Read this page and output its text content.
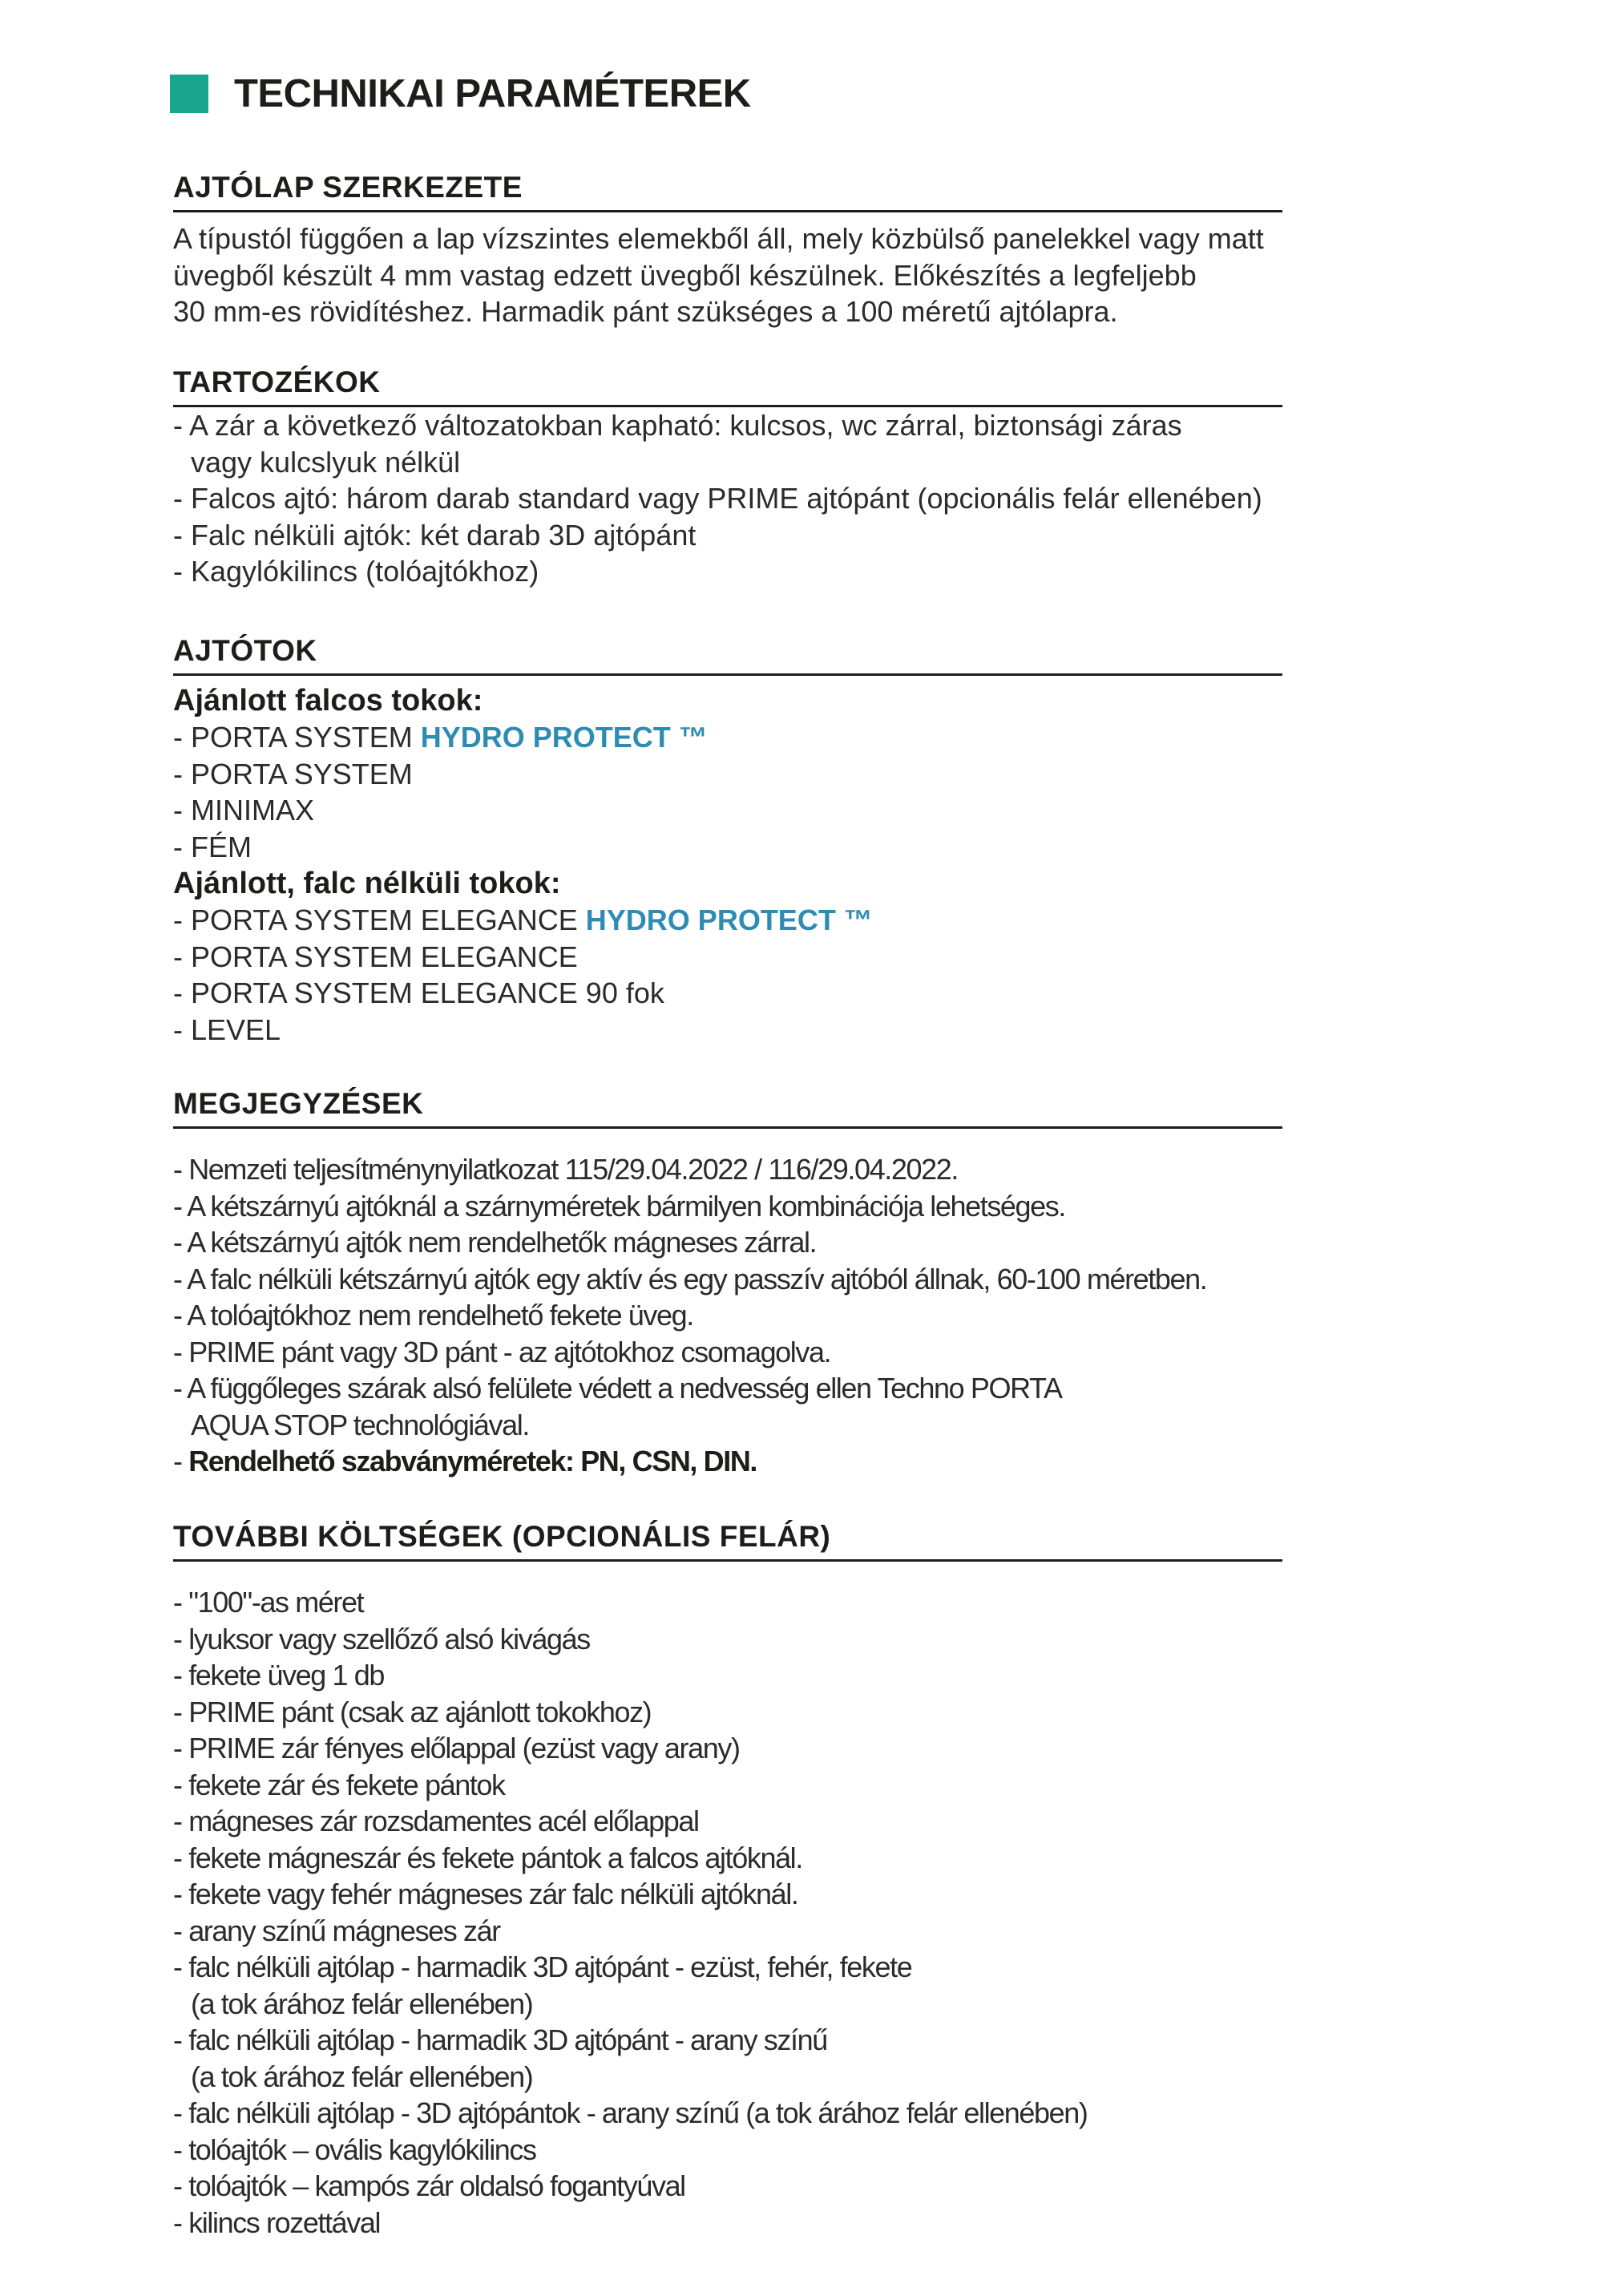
TECHNIKAI PARAMÉTEREK
AJTÓLAP SZERKEZETE
A típustól függően a lap vízszintes elemekből áll, mely közbülső panelekkel vagy matt
üvegből készült 4 mm vastag edzett üvegből készülnek. Előkészítés a legfeljebb
30 mm-es rövidítéshez. Harmadik pánt szükséges a 100 méretű ajtólapra.
TARTOZÉKOK
- A zár a következő változatokban kapható: kulcsos, wc zárral, biztonsági záras
vagy kulcslyuk nélkül
- Falcos ajtó: három darab standard vagy PRIME ajtópánt (opcionális felár ellenében)
- Falc nélküli ajtók: két darab 3D ajtópánt
- Kagylókilincs (tolóajtókhoz)
AJTÓTOK
Ajánlott falcos tokok:
- PORTA SYSTEM HYDRO PROTECT ™
- PORTA SYSTEM
- MINIMAX
- FÉM
Ajánlott, falc nélküli tokok:
- PORTA SYSTEM ELEGANCE HYDRO PROTECT ™
- PORTA SYSTEM ELEGANCE
- PORTA SYSTEM ELEGANCE 90 fok
- LEVEL
MEGJEGYZÉSEK
- Nemzeti teljesítménynyilatkozat 115/29.04.2022 / 116/29.04.2022.
- A kétszárnyú ajtóknál a szárnyméretek bármilyen kombinációja lehetséges.
- A kétszárnyú ajtók nem rendelhetők mágneses zárral.
- A falc nélküli kétszárnyú ajtók egy aktív és egy passzív ajtóból állnak, 60-100 méretben.
- A tolóajtókhoz nem rendelhető fekete üveg.
- PRIME pánt vagy 3D pánt - az ajtótokhoz csomagolva.
- A függőleges szárak alsó felülete védett a nedvesség ellen Techno PORTA
AQUA STOP technológiával.
- Rendelhető szabványméretek: PN, CSN, DIN.
TOVÁBBI KÖLTSÉGEK (OPCIONÁLIS FELÁR)
- "100"-as méret
- lyuksor vagy szellőző alsó kivágás
- fekete üveg 1 db
- PRIME pánt (csak az ajánlott tokokhoz)
- PRIME zár fényes előlappal (ezüst vagy arany)
- fekete zár és fekete pántok
- mágneses zár rozsdamentes acél előlappal
- fekete mágneszár és fekete pántok a falcos ajtóknál.
- fekete vagy fehér mágneses zár falc nélküli ajtóknál.
- arany színű mágneses zár
- falc nélküli ajtólap - harmadik 3D ajtópánt - ezüst, fehér, fekete
(a tok árához felár ellenében)
- falc nélküli ajtólap - harmadik 3D ajtópánt - arany színű
(a tok árához felár ellenében)
- falc nélküli ajtólap - 3D ajtópántok - arany színű (a tok árához felár ellenében)
- tolóajtók – ovális kagylókilincs
- tolóajtók – kampós zár oldalsó fogantyúval
- kilincs rozettával
